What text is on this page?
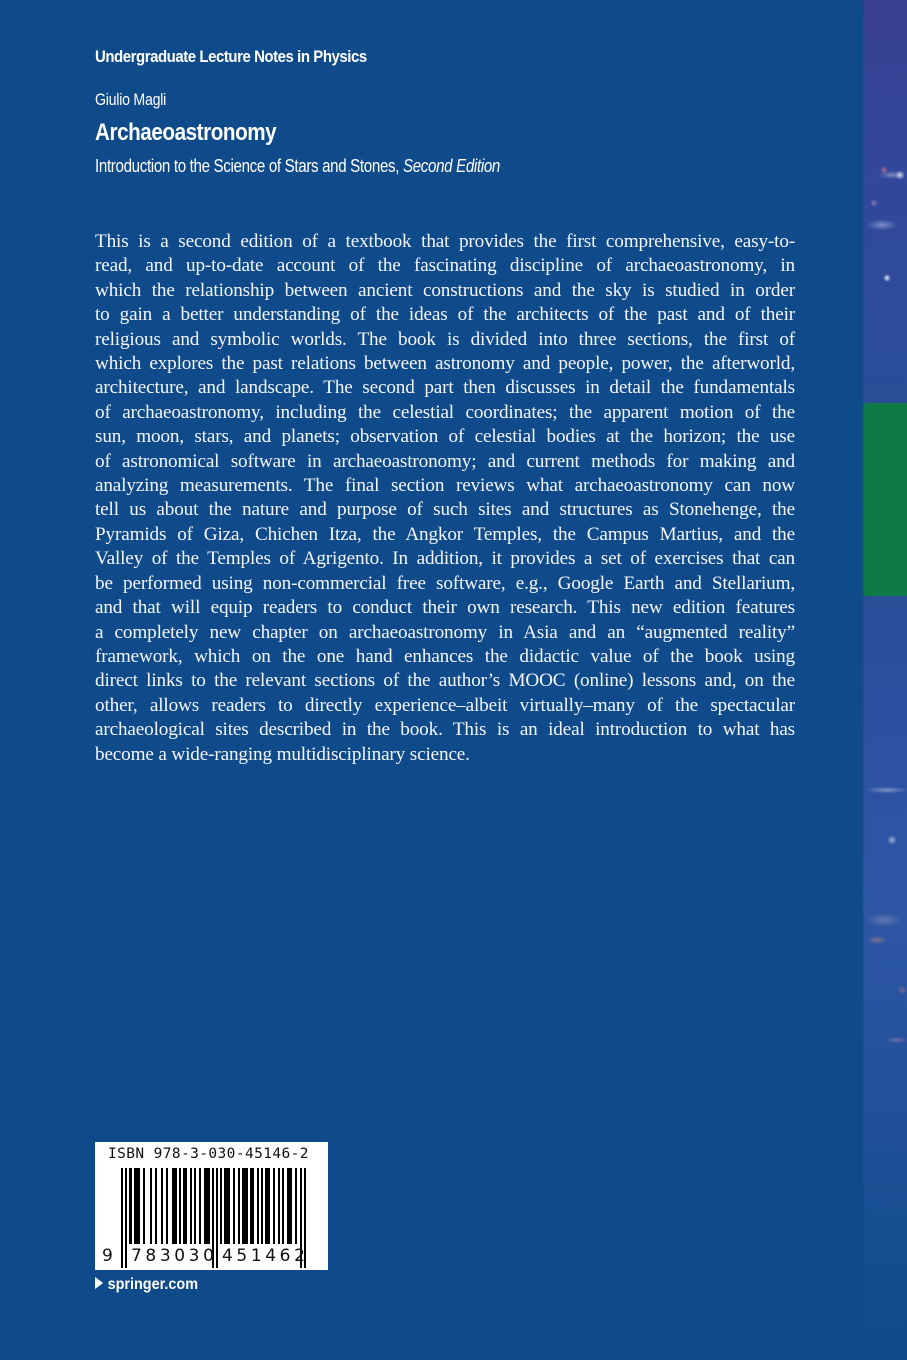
Undergraduate Lecture Notes in Physics
Giulio Magli
Archaeoastronomy
Introduction to the Science of Stars and Stones, Second Edition
This is a second edition of a textbook that provides the first comprehensive, easy-to-
read, and up-to-date account of the fascinating discipline of archaeoastronomy, in
which the relationship between ancient constructions and the sky is studied in order
to gain a better understanding of the ideas of the architects of the past and of their
religious and symbolic worlds. The book is divided into three sections, the first of
which explores the past relations between astronomy and people, power, the afterworld,
architecture, and landscape. The second part then discusses in detail the fundamentals
of archaeoastronomy, including the celestial coordinates; the apparent motion of the
sun, moon, stars, and planets; observation of celestial bodies at the horizon; the use
of astronomical software in archaeoastronomy; and current methods for making and
analyzing measurements. The final section reviews what archaeoastronomy can now
tell us about the nature and purpose of such sites and structures as Stonehenge, the
Pyramids of Giza, Chichen Itza, the Angkor Temples, the Campus Martius, and the
Valley of the Temples of Agrigento. In addition, it provides a set of exercises that can
be performed using non-commercial free software, e.g., Google Earth and Stellarium,
and that will equip readers to conduct their own research. This new edition features
a completely new chapter on archaeoastronomy in Asia and an “augmented reality”
framework, which on the one hand enhances the didactic value of the book using
direct links to the relevant sections of the author’s MOOC (online) lessons and, on the
other, allows readers to directly experience–albeit virtually–many of the spectacular
archaeological sites described in the book. This is an ideal introduction to what has
become a wide-ranging multidisciplinary science.
ISBN 978-3-030-45146-2
9 783030 451462
springer.com
